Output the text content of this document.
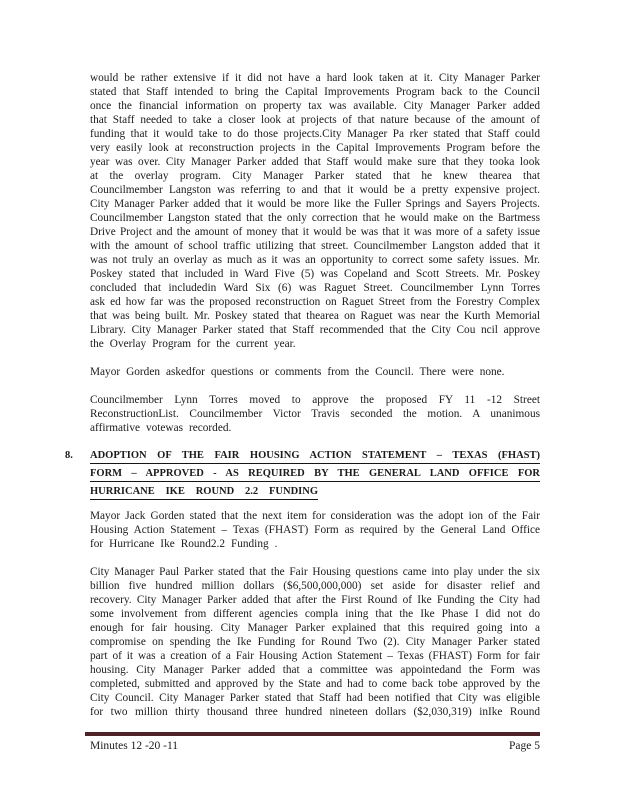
would be rather extensive if it did not have a hard look taken at it. City Manager Parker
stated that Staff intended to bring the Capital Improvements Program back to the Council
once the financial information on property tax was available. City Manager Parker added
that Staff needed to take a closer look at projects of that nature because of the amount of
funding that it would take to do those projects.City Manager Pa rker stated that Staff could
very easily look at reconstruction projects in the Capital Improvements Program before the
year was over. City Manager Parker added that Staff would make sure that they tooka look
at the overlay program. City Manager Parker stated that he knew thearea that
Councilmember Langston was referring to and that it would be a pretty expensive project.
City Manager Parker added that it would be more like the Fuller Springs and Sayers Projects.
Councilmember Langston stated that the only correction that he would make on the Bartmess
Drive Project and the amount of money that it would be was that it was more of a safety issue
with the amount of school traffic utilizing that street. Councilmember Langston added that it
was not truly an overlay as much as it was an opportunity to correct some safety issues. Mr.
Poskey stated that included in Ward Five (5) was Copeland and Scott Streets. Mr. Poskey
concluded that includedin Ward Six (6) was Raguet Street. Councilmember Lynn Torres
ask ed how far was the proposed reconstruction on Raguet Street from the Forestry Complex
that was being built. Mr. Poskey stated that thearea on Raguet was near the Kurth Memorial
Library. City Manager Parker stated that Staff recommended that the City Cou ncil approve
the Overlay Program for the current year.
Mayor Gorden askedfor questions or comments from the Council. There were none.
Councilmember Lynn Torres moved to approve the proposed FY 11 -12 Street
ReconstructionList. Councilmember Victor Travis seconded the motion. A unanimous
affirmative votewas recorded.
8. ADOPTION OF THE FAIR HOUSING ACTION STATEMENT – TEXAS (FHAST)
FORM – APPROVED - AS REQUIRED BY THE GENERAL LAND OFFICE FOR
HURRICANE IKE ROUND 2.2 FUNDING
Mayor Jack Gorden stated that the next item for consideration was the adopt ion of the Fair
Housing Action Statement – Texas (FHAST) Form as required by the General Land Office
for Hurricane Ike Round2.2 Funding .
City Manager Paul Parker stated that the Fair Housing questions came into play under the six
billion five hundred million dollars ($6,500,000,000) set aside for disaster relief and
recovery. City Manager Parker added that after the First Round of Ike Funding the City had
some involvement from different agencies compla ining that the Ike Phase I did not do
enough for fair housing. City Manager Parker explained that this required going into a
compromise on spending the Ike Funding for Round Two (2). City Manager Parker stated
part of it was a creation of a Fair Housing Action Statement – Texas (FHAST) Form for fair
housing. City Manager Parker added that a committee was appointedand the Form was
completed, submitted and approved by the State and had to come back tobe approved by the
City Council. City Manager Parker stated that Staff had been notified that City was eligible
for two million thirty thousand three hundred nineteen dollars ($2,030,319) inIke Round
Minutes 12 -20 -11	Page 5
